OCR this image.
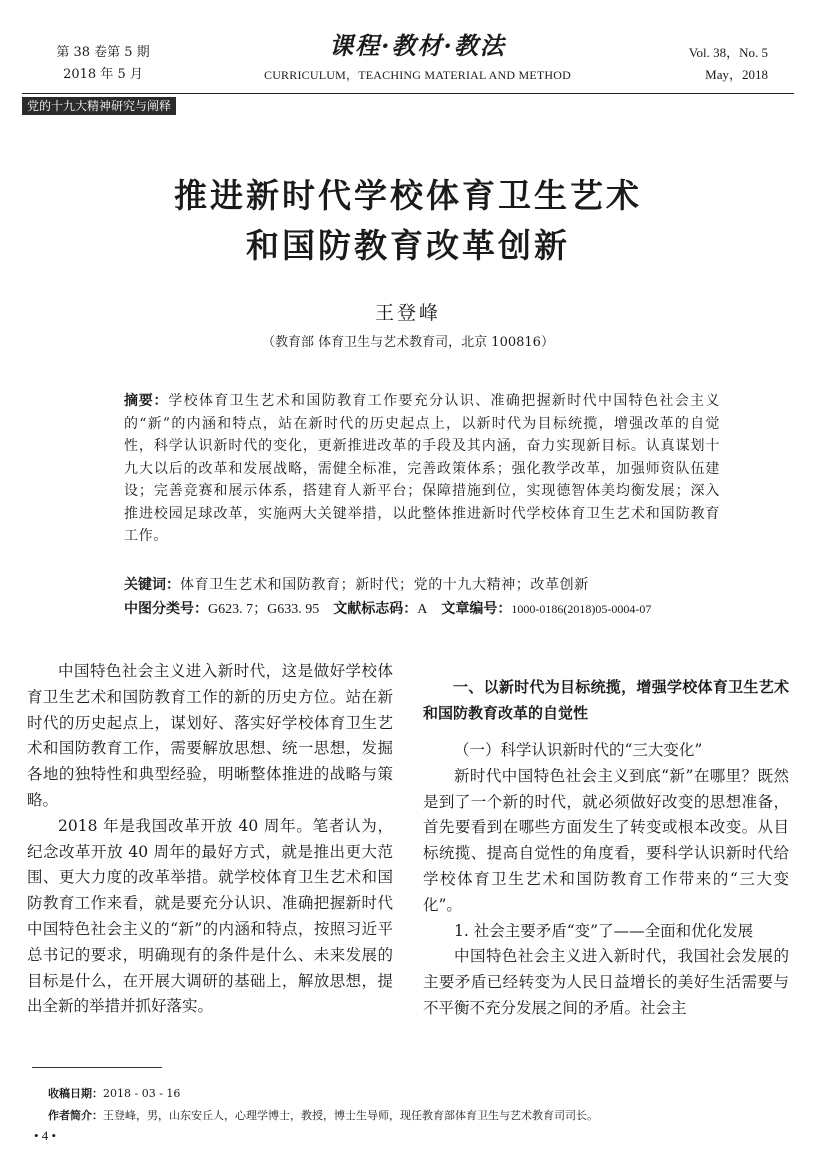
第 38 卷第 5 期
2018 年 5 月
课程·教材·教法
CURRICULUM，TEACHING MATERIAL AND METHOD
Vol. 38，No. 5
May，2018
党的十九大精神研究与阐释
推进新时代学校体育卫生艺术
和国防教育改革创新
王登峰
（教育部 体育卫生与艺术教育司，北京 100816）

摘要：学校体育卫生艺术和国防教育工作要充分认识、准确把握新时代中国特色社会主义的“新”的内涵和特点，站在新时代的历史起点上，以新时代为目标统揽，增强改革的自觉性，科学认识新时代的变化，更新推进改革的手段及其内涵，奋力实现新目标。认真谋划十九大以后的改革和发展战略，需健全标准，完善政策体系；强化教学改革，加强师资队伍建设；完善竞赛和展示体系，搭建育人新平台；保障措施到位，实现德智体美均衡发展；深入推进校园足球改革，实施两大关键举措，以此整体推进新时代学校体育卫生艺术和国防教育工作。

关键词：体育卫生艺术和国防教育；新时代；党的十九大精神；改革创新
中图分类号：G623. 7；G633. 95 文献标志码：A 文章编号：1000-0186(2018)05-0004-07

中国特色社会主义进入新时代，这是做好学校体育卫生艺术和国防教育工作的新的历史方位。站在新时代的历史起点上，谋划好、落实好学校体育卫生艺术和国防教育工作，需要解放思想、统一思想，发掘各地的独特性和典型经验，明晰整体推进的战略与策略。

2018 年是我国改革开放 40 周年。笔者认为，纪念改革开放 40 周年的最好方式，就是推出更大范围、更大力度的改革举措。就学校体育卫生艺术和国防教育工作来看，就是要充分认识、准确把握新时代中国特色社会主义的“新”的内涵和特点，按照习近平总书记的要求，明确现有的条件是什么、未来发展的目标是什么，在开展大调研的基础上，解放思想，提出全新的举措并抓好落实。

一、以新时代为目标统揽，增强学校体育卫生艺术和国防教育改革的自觉性

（一）科学认识新时代的“三大变化”

新时代中国特色社会主义到底“新”在哪里？既然是到了一个新的时代，就必须做好改变的思想准备，首先要看到在哪些方面发生了转变或根本改变。从目标统揽、提高自觉性的角度看，要科学认识新时代给学校体育卫生艺术和国防教育工作带来的“三大变化”。

1. 社会主要矛盾“变”了——全面和优化发展

中国特色社会主义进入新时代，我国社会发展的主要矛盾已经转变为人民日益增长的美好生活需要与不平衡不充分发展之间的矛盾。社会主

收稿日期：2018 - 03 - 16
作者简介：王登峰，男，山东安丘人，心理学博士，教授，博士生导师，现任教育部体育卫生与艺术教育司司长。
• 4 •
